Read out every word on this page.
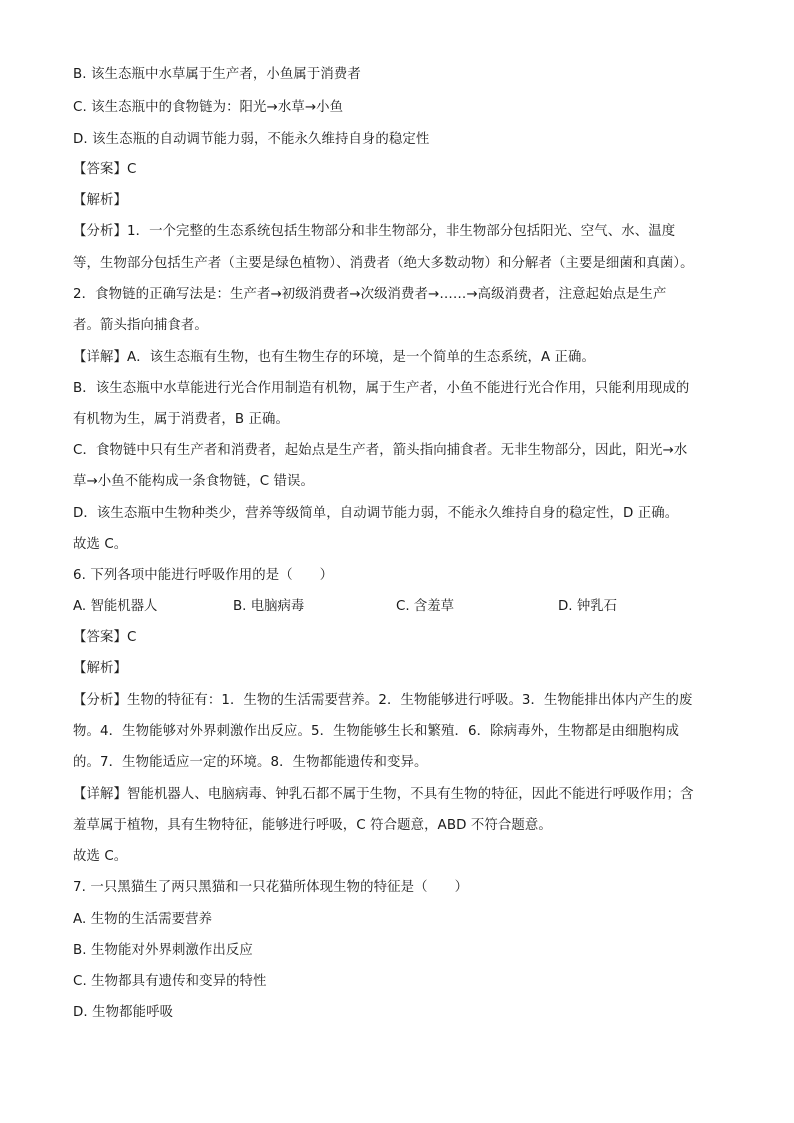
B. 该生态瓶中水草属于生产者，小鱼属于消费者
C. 该生态瓶中的食物链为：阳光→水草→小鱼
D. 该生态瓶的自动调节能力弱，不能永久维持自身的稳定性
【答案】C
【解析】
【分析】1．一个完整的生态系统包括生物部分和非生物部分，非生物部分包括阳光、空气、水、温度
等，生物部分包括生产者（主要是绿色植物）、消费者（绝大多数动物）和分解者（主要是细菌和真菌）。
2．食物链的正确写法是：生产者→初级消费者→次级消费者→……→高级消费者，注意起始点是生产
者。箭头指向捕食者。
【详解】A．该生态瓶有生物，也有生物生存的环境，是一个简单的生态系统，A 正确。
B．该生态瓶中水草能进行光合作用制造有机物，属于生产者，小鱼不能进行光合作用，只能利用现成的
有机物为生，属于消费者，B 正确。
C．食物链中只有生产者和消费者，起始点是生产者，箭头指向捕食者。无非生物部分，因此，阳光→水
草→小鱼不能构成一条食物链，C 错误。
D．该生态瓶中生物种类少，营养等级简单，自动调节能力弱，不能永久维持自身的稳定性，D 正确。
故选 C。
6. 下列各项中能进行呼吸作用的是（　　）
A. 智能机器人	B. 电脑病毒	C. 含羞草	D. 钟乳石
【答案】C
【解析】
【分析】生物的特征有：1．生物的生活需要营养。2．生物能够进行呼吸。3．生物能排出体内产生的废
物。4．生物能够对外界刺激作出反应。5．生物能够生长和繁殖．6．除病毒外，生物都是由细胞构成
的。7．生物能适应一定的环境。8．生物都能遗传和变异。
【详解】智能机器人、电脑病毒、钟乳石都不属于生物，不具有生物的特征，因此不能进行呼吸作用；含
羞草属于植物，具有生物特征，能够进行呼吸，C 符合题意，ABD 不符合题意。
故选 C。
7. 一只黑猫生了两只黑猫和一只花猫所体现生物的特征是（　　）
A. 生物的生活需要营养
B. 生物能对外界刺激作出反应
C. 生物都具有遗传和变异的特性
D. 生物都能呼吸
